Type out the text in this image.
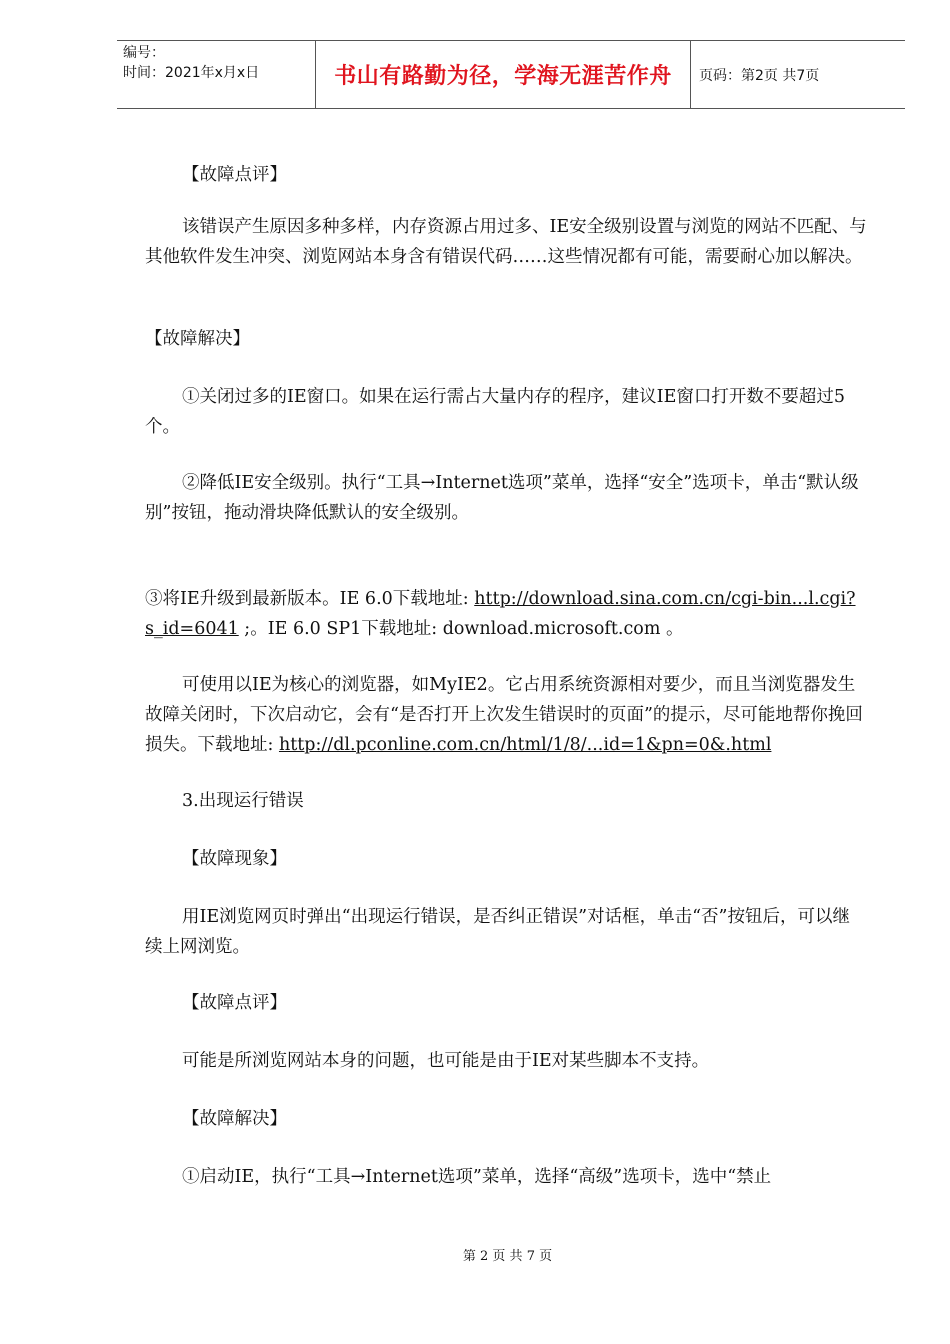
编号：
时间：2021年x月x日	书山有路勤为径，学海无涯苦作舟 页码：第2页 共7页

【故障点评】

该错误产生原因多种多样，内存资源占用过多、IE安全级别设置与浏览的网站不匹配、与其他软件发生冲突、浏览网站本身含有错误代码……这些情况都有可能，需要耐心加以解决。

【故障解决】

①关闭过多的IE窗口。如果在运行需占大量内存的程序，建议IE窗口打开数不要超过5个。

②降低IE安全级别。执行“工具→Internet选项”菜单，选择“安全”选项卡，单击“默认级别”按钮，拖动滑块降低默认的安全级别。

③将IE升级到最新版本。IE 6.0下载地址: http://download.sina.com.cn/cgi-bin...l.cgi?s_id=6041 ;。IE 6.0 SP1下载地址: download.microsoft.com 。

可使用以IE为核心的浏览器，如MyIE2。它占用系统资源相对要少，而且当浏览器发生故障关闭时，下次启动它，会有“是否打开上次发生错误时的页面”的提示，尽可能地帮你挽回损失。下载地址: http://dl.pconline.com.cn/html/1/8/...id=1&pn=0&.html

3.出现运行错误

【故障现象】

用IE浏览网页时弹出“出现运行错误，是否纠正错误”对话框，单击“否”按钮后，可以继续上网浏览。

【故障点评】

可能是所浏览网站本身的问题，也可能是由于IE对某些脚本不支持。

【故障解决】

①启动IE，执行“工具→Internet选项”菜单，选择“高级”选项卡，选中“禁止

第 2 页 共 7 页
